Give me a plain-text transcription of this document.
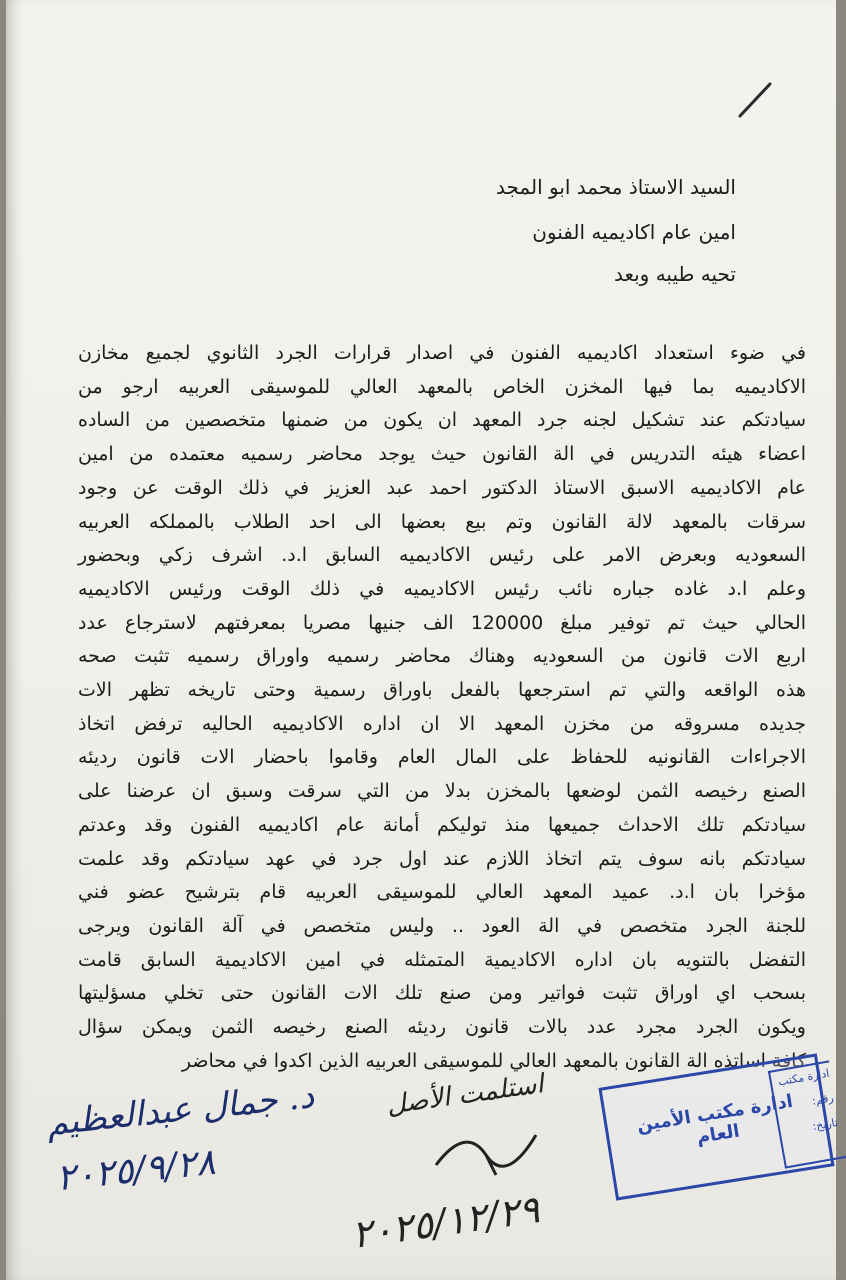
السيد الاستاذ محمد ابو المجد
امين عام اكاديميه الفنون
تحيه طيبه وبعد
في ضوء استعداد اكاديميه الفنون في اصدار قرارات الجرد الثانوي لجميع مخازن
الاكاديميه بما فيها المخزن الخاص بالمعهد العالي للموسيقى العربيه ارجو من
سيادتكم عند تشكيل لجنه جرد المعهد ان يكون من ضمنها متخصصين من الساده
اعضاء هيئه التدريس في الة القانون حيث يوجد محاضر رسميه معتمده من امين
عام الاكاديميه الاسبق الاستاذ الدكتور احمد عبد العزيز في ذلك الوقت عن وجود
سرقات بالمعهد لالة القانون وتم بيع بعضها الى احد الطلاب بالمملكه العربيه
السعوديه وبعرض الامر على رئيس الاكاديميه السابق ا.د. اشرف زكي وبحضور
وعلم ا.د غاده جباره نائب رئيس الاكاديميه في ذلك الوقت ورئيس الاكاديميه
الحالي حيث تم توفير مبلغ 120000 الف جنيها مصريا بمعرفتهم لاسترجاع عدد
اربع الات قانون من السعوديه وهناك محاضر رسميه واوراق رسميه تثبت صحه
هذه الواقعه والتي تم استرجعها بالفعل باوراق رسمية وحتى تاريخه تظهر الات
جديده مسروقه من مخزن المعهد الا ان اداره الاكاديميه الحاليه ترفض اتخاذ
الاجراءات القانونيه للحفاظ على المال العام وقاموا باحضار الات قانون رديئه
الصنع رخيصه الثمن لوضعها بالمخزن بدلا من التي سرقت وسبق ان عرضنا على
سيادتكم تلك الاحداث جميعها منذ توليكم أمانة عام اكاديميه الفنون وقد وعدتم
سيادتكم بانه سوف يتم اتخاذ اللازم عند اول جرد في عهد سيادتكم وقد علمت
مؤخرا بان ا.د. عميد المعهد العالي للموسيقى العربيه قام بترشيح عضو فني
للجنة الجرد متخصص في الة العود .. وليس متخصص في آلة القانون ويرجى
التفضل بالتنويه بان اداره الاكاديمية المتمثله في امين الاكاديمية السابق قامت
بسحب اي اوراق تثبت فواتير ومن صنع تلك الات القانون حتى تخلي مسؤليتها
ويكون الجرد مجرد عدد بالات قانون رديئه الصنع رخيصه الثمن ويمكن سؤال
كافة اساتذه الة القانون بالمعهد العالي للموسيقى العربيه الذين اكدوا في محاضر
د. جمال عبدالعظيم
٢٠٢٥/٩/٢٨
استلمت الأصل
٢٠٢٥/١٢/٢٩
ادارة مكتب الأمين العام
ادارة مكتب
رقم:
تاريخ:
